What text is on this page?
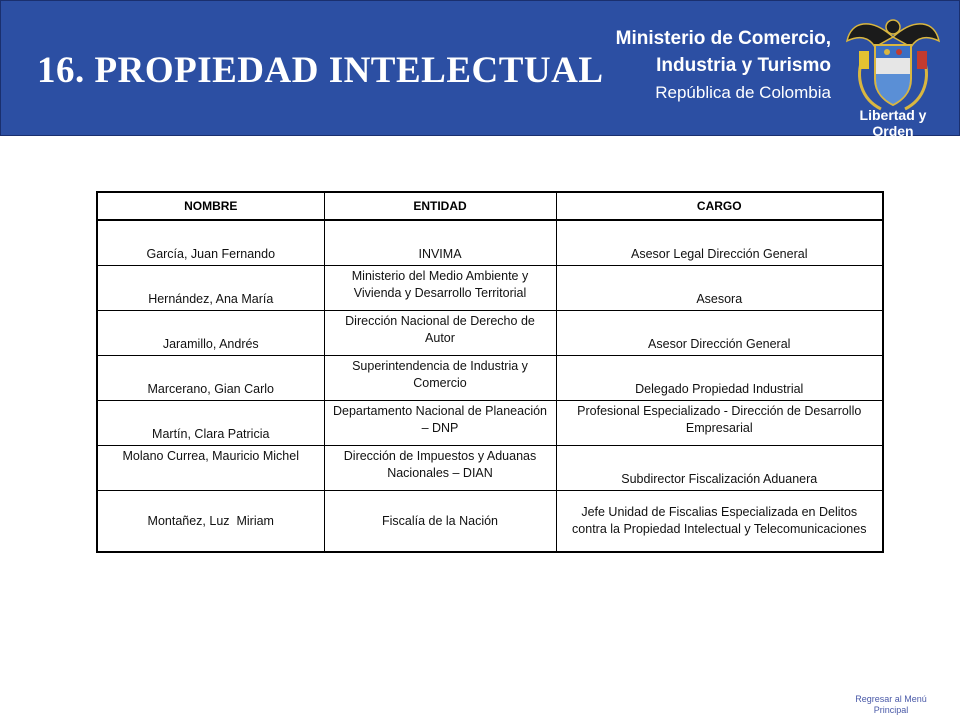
16. PROPIEDAD INTELECTUAL
Ministerio de Comercio,
Industria y Turismo
República de Colombia
Libertad y Orden
NOMBRE	ENTIDAD	CARGO
García, Juan Fernando	INVIMA	Asesor Legal Dirección General
Hernández, Ana María	Ministerio del Medio Ambiente y Vivienda y Desarrollo Territorial	Asesora
Jaramillo, Andrés	Dirección Nacional de Derecho de Autor	Asesor Dirección General
Marcerano, Gian Carlo	Superintendencia de Industria y Comercio	Delegado Propiedad Industrial
Martín, Clara Patricia	Departamento Nacional de Planeación – DNP	Profesional Especializado - Dirección de Desarrollo Empresarial
Molano Currea, Mauricio Michel	Dirección de Impuestos y Aduanas Nacionales – DIAN	Subdirector Fiscalización Aduanera
Montañez, Luz  Miriam	Fiscalía de la Nación	Jefe Unidad de Fiscalias Especializada en Delitos contra la Propiedad Intelectual y Telecomunicaciones
Regresar al Menú
Principal
